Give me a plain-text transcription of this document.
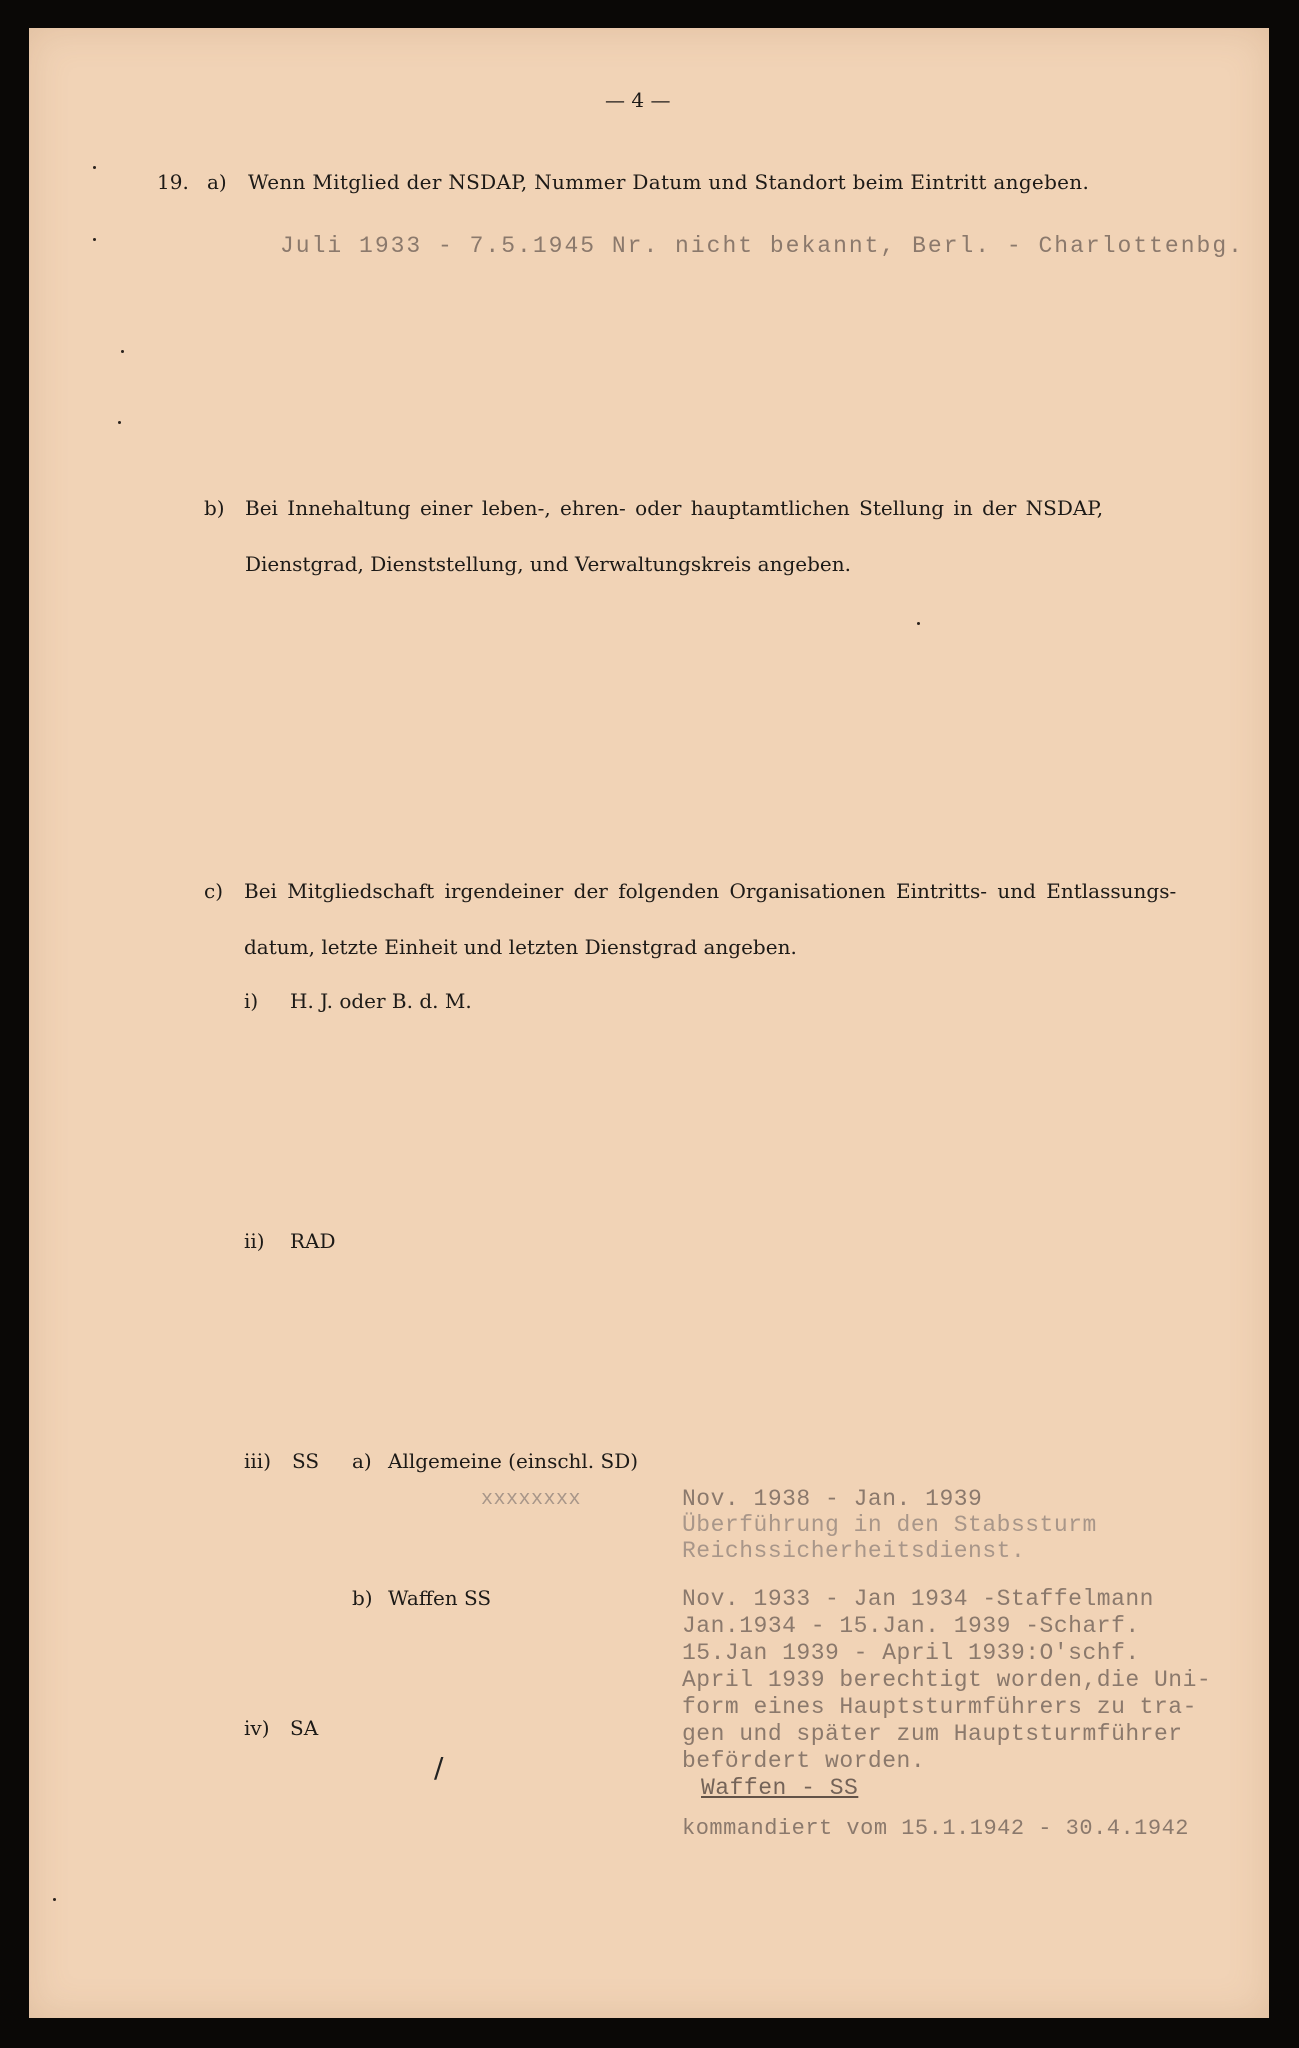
— 4 —
19. a) Wenn Mitglied der NSDAP, Nummer Datum und Standort beim Eintritt angeben.
Juli 1933 - 7.5.1945 Nr. nicht bekannt, Berl. - Charlottenbg.
b) Bei Innehaltung einer leben-, ehren- oder hauptamtlichen Stellung in der NSDAP,
Dienstgrad, Dienststellung, und Verwaltungskreis angeben.
c) Bei Mitgliedschaft irgendeiner der folgenden Organisationen Eintritts- und Entlassungs-
datum, letzte Einheit und letzten Dienstgrad angeben.
i) H. J. oder B. d. M.
ii) RAD
iii) SS a) Allgemeine (einschl. SD)
xxxxxxxx	Nov. 1938 - Jan. 1939
Überführung in den Stabssturm
Reichssicherheitsdienst.
b) Waffen SS	Nov. 1933 - Jan 1934 -Staffelmann
Jan.1934 - 15.Jan. 1939 -Scharf.
15.Jan 1939 - April 1939:O'schf.
April 1939 berechtigt worden,die Uni-
form eines Hauptsturmführers zu tra-
gen und später zum Hauptsturmführer
befördert worden.
Waffen - SS
kommandiert vom 15.1.1942 - 30.4.1942
iv) SA
/
